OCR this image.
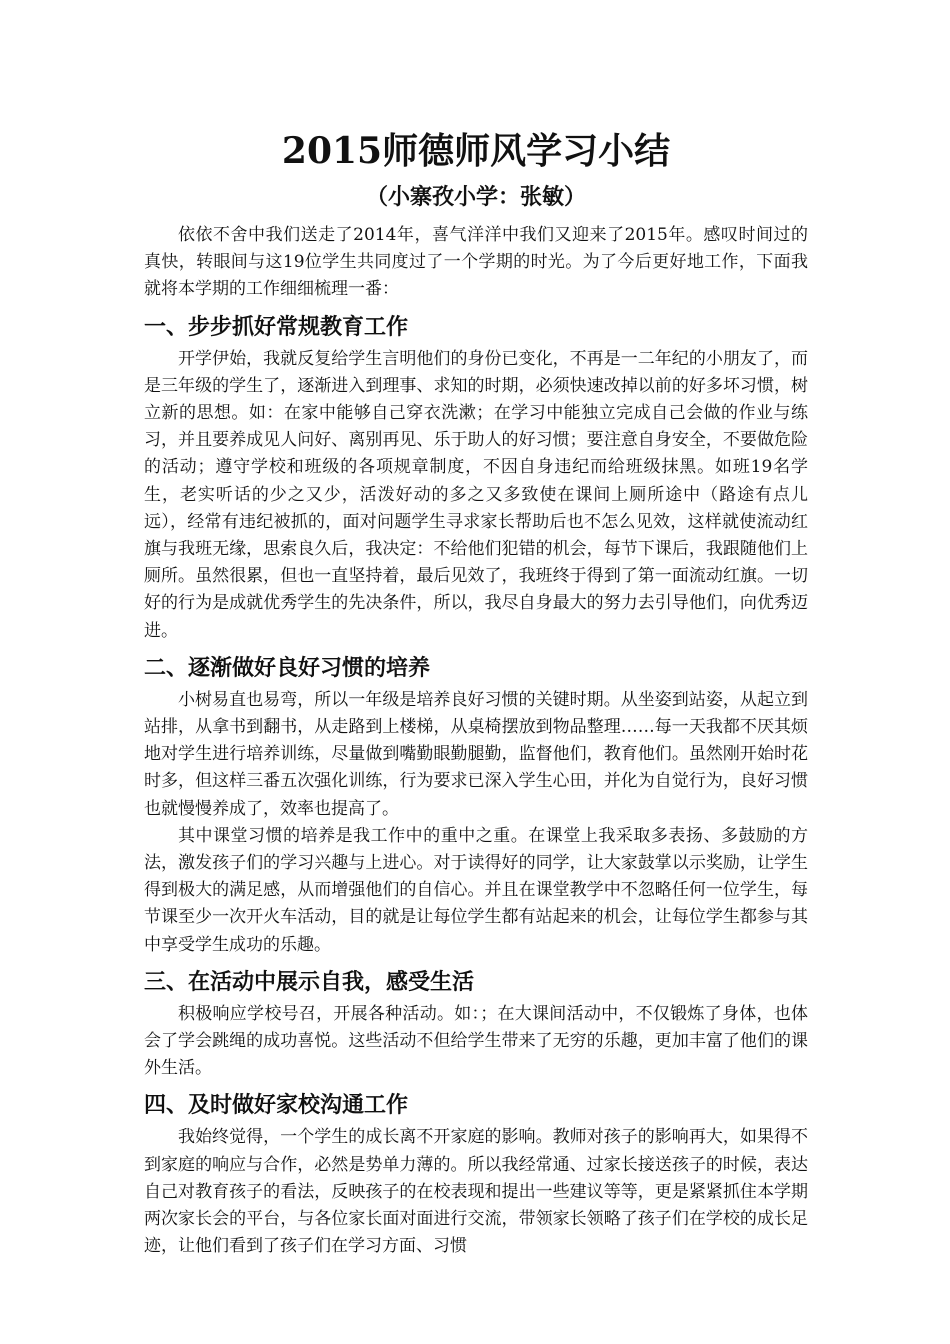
2015师德师风学习小结
（小寨孜小学：张敏）

依依不舍中我们送走了2014年，喜气洋洋中我们又迎来了2015年。感叹时间过的真快，转眼间与这19位学生共同度过了一个学期的时光。为了今后更好地工作，下面我就将本学期的工作细细梳理一番：

一、步步抓好常规教育工作

开学伊始，我就反复给学生言明他们的身份已变化，不再是一二年纪的小朋友了，而是三年级的学生了，逐渐进入到理事、求知的时期，必须快速改掉以前的好多坏习惯，树立新的思想。如：在家中能够自己穿衣洗漱；在学习中能独立完成自己会做的作业与练习，并且要养成见人问好、离别再见、乐于助人的好习惯；要注意自身安全，不要做危险的活动；遵守学校和班级的各项规章制度，不因自身违纪而给班级抹黑。如班19名学生，老实听话的少之又少，活泼好动的多之又多致使在课间上厕所途中（路途有点儿远），经常有违纪被抓的，面对问题学生寻求家长帮助后也不怎么见效，这样就使流动红旗与我班无缘，思索良久后，我决定：不给他们犯错的机会，每节下课后，我跟随他们上厕所。虽然很累，但也一直坚持着，最后见效了，我班终于得到了第一面流动红旗。一切好的行为是成就优秀学生的先决条件，所以，我尽自身最大的努力去引导他们，向优秀迈进。

二、逐渐做好良好习惯的培养

小树易直也易弯，所以一年级是培养良好习惯的关键时期。从坐姿到站姿，从起立到站排，从拿书到翻书，从走路到上楼梯，从桌椅摆放到物品整理……每一天我都不厌其烦地对学生进行培养训练，尽量做到嘴勤眼勤腿勤，监督他们，教育他们。虽然刚开始时花时多，但这样三番五次强化训练，行为要求已深入学生心田，并化为自觉行为，良好习惯也就慢慢养成了，效率也提高了。

其中课堂习惯的培养是我工作中的重中之重。在课堂上我采取多表扬、多鼓励的方法，激发孩子们的学习兴趣与上进心。对于读得好的同学，让大家鼓掌以示奖励，让学生得到极大的满足感，从而增强他们的自信心。并且在课堂教学中不忽略任何一位学生，每节课至少一次开火车活动，目的就是让每位学生都有站起来的机会，让每位学生都参与其中享受学生成功的乐趣。

三、在活动中展示自我，感受生活

积极响应学校号召，开展各种活动。如：；在大课间活动中，不仅锻炼了身体，也体会了学会跳绳的成功喜悦。这些活动不但给学生带来了无穷的乐趣，更加丰富了他们的课外生活。

四、及时做好家校沟通工作

我始终觉得，一个学生的成长离不开家庭的影响。教师对孩子的影响再大，如果得不到家庭的响应与合作，必然是势单力薄的。所以我经常通、过家长接送孩子的时候，表达自己对教育孩子的看法，反映孩子的在校表现和提出一些建议等等，更是紧紧抓住本学期两次家长会的平台，与各位家长面对面进行交流，带领家长领略了孩子们在学校的成长足迹，让他们看到了孩子们在学习方面、习惯
